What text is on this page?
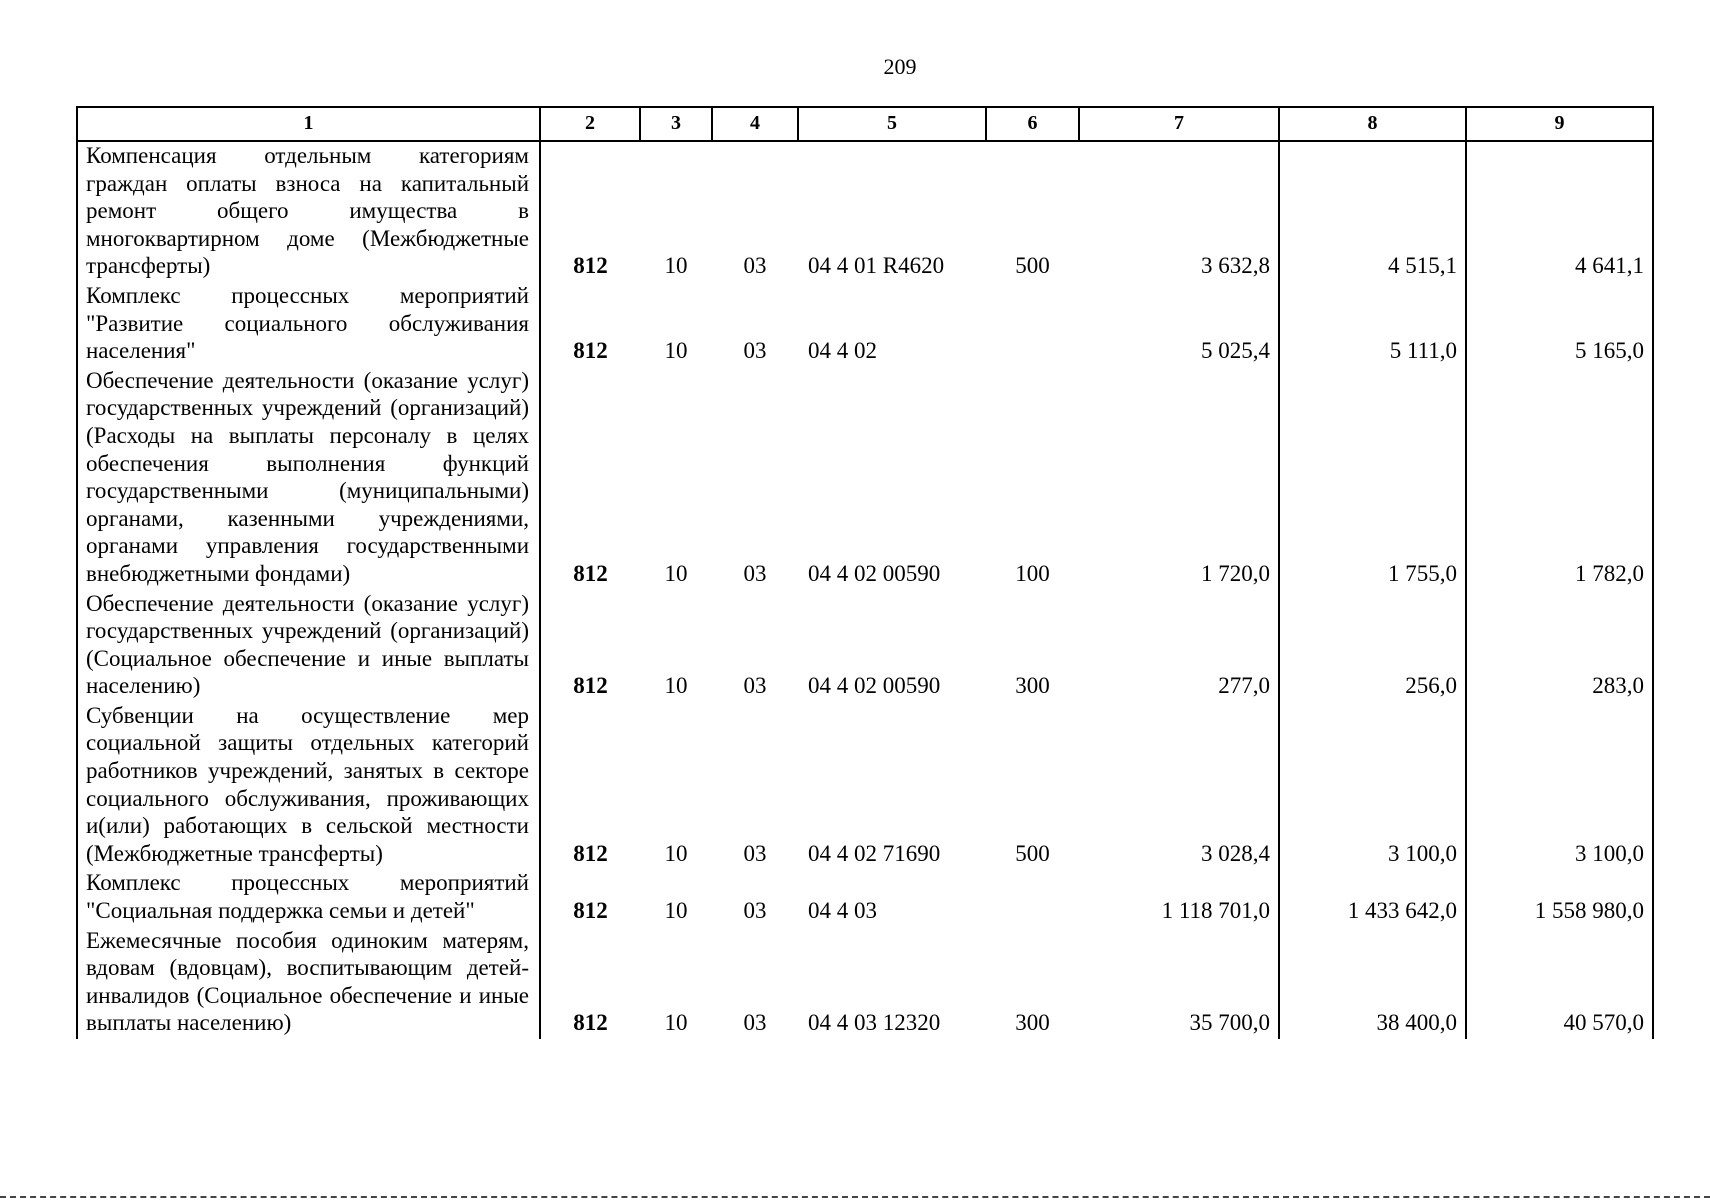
209
1	2	3	4	5	6	7	8	9
Компенсация отдельным категориям граждан оплаты взноса на капитальный ремонт общего имущества в многоквартирном доме (Межбюджетные трансферты)	812	10	03	04 4 01 R4620	500	3 632,8	4 515,1	4 641,1
Комплекс процессных мероприятий "Развитие социального обслуживания населения"	812	10	03	04 4 02		5 025,4	5 111,0	5 165,0
Обеспечение деятельности (оказание услуг) государственных учреждений (организаций) (Расходы на выплаты персоналу в целях обеспечения выполнения функций государственными (муниципальными) органами, казенными учреждениями, органами управления государственными внебюджетными фондами)	812	10	03	04 4 02 00590	100	1 720,0	1 755,0	1 782,0
Обеспечение деятельности (оказание услуг) государственных учреждений (организаций) (Социальное обеспечение и иные выплаты населению)	812	10	03	04 4 02 00590	300	277,0	256,0	283,0
Субвенции на осуществление мер социальной защиты отдельных категорий работников учреждений, занятых в секторе социального обслуживания, проживающих и(или) работающих в сельской местности (Межбюджетные трансферты)	812	10	03	04 4 02 71690	500	3 028,4	3 100,0	3 100,0
Комплекс процессных мероприятий "Социальная поддержка семьи и детей"	812	10	03	04 4 03		1 118 701,0	1 433 642,0	1 558 980,0
Ежемесячные пособия одиноким матерям, вдовам (вдовцам), воспитывающим детей-инвалидов (Социальное обеспечение и иные выплаты населению)	812	10	03	04 4 03 12320	300	35 700,0	38 400,0	40 570,0
